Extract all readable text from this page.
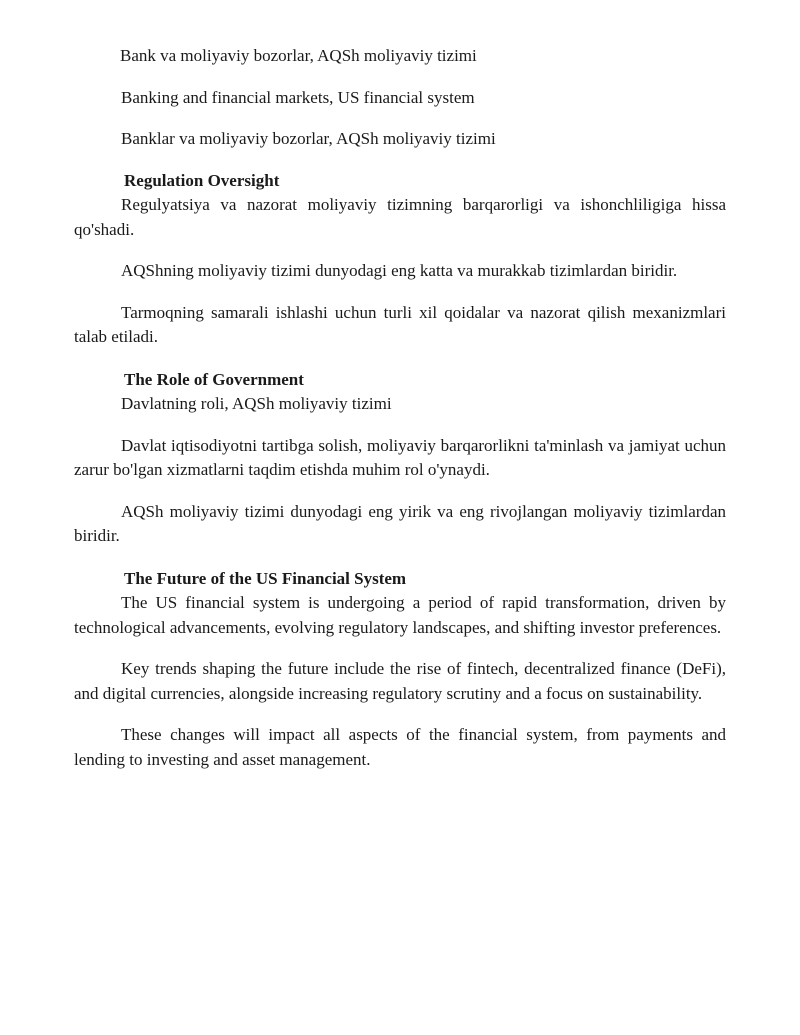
Bank va moliyaviy bozorlar, AQSh moliyaviy tizimi

Banking and financial markets, US financial system

Banklar va moliyaviy bozorlar, AQSh moliyaviy tizimi

Regulation Oversight

Regulyatsiya va nazorat moliyaviy tizimning barqarorligi va ishonchliligiga hissa qo'shadi.

AQShning moliyaviy tizimi dunyodagi eng katta va murakkab tizimlardan biridir.

Tarmoqning samarali ishlashi uchun turli xil qoidalar va nazorat qilish mexanizmlari talab etiladi.

The Role of Government

Davlatning roli, AQSh moliyaviy tizimi

Davlat iqtisodiyotni tartibga solish, moliyaviy barqarorlikni ta'minlash va jamiyat uchun zarur bo'lgan xizmatlarni taqdim etishda muhim rol o'ynaydi.

AQSh moliyaviy tizimi dunyodagi eng yirik va eng rivojlangan moliyaviy tizimlardan biridir.

The Future of the US Financial System

The US financial system is undergoing a period of rapid transformation, driven by technological advancements, evolving regulatory landscapes, and shifting investor preferences.

Key trends shaping the future include the rise of fintech, decentralized finance (DeFi), and digital currencies, alongside increasing regulatory scrutiny and a focus on sustainability.

These changes will impact all aspects of the financial system, from payments and lending to investing and asset management.
